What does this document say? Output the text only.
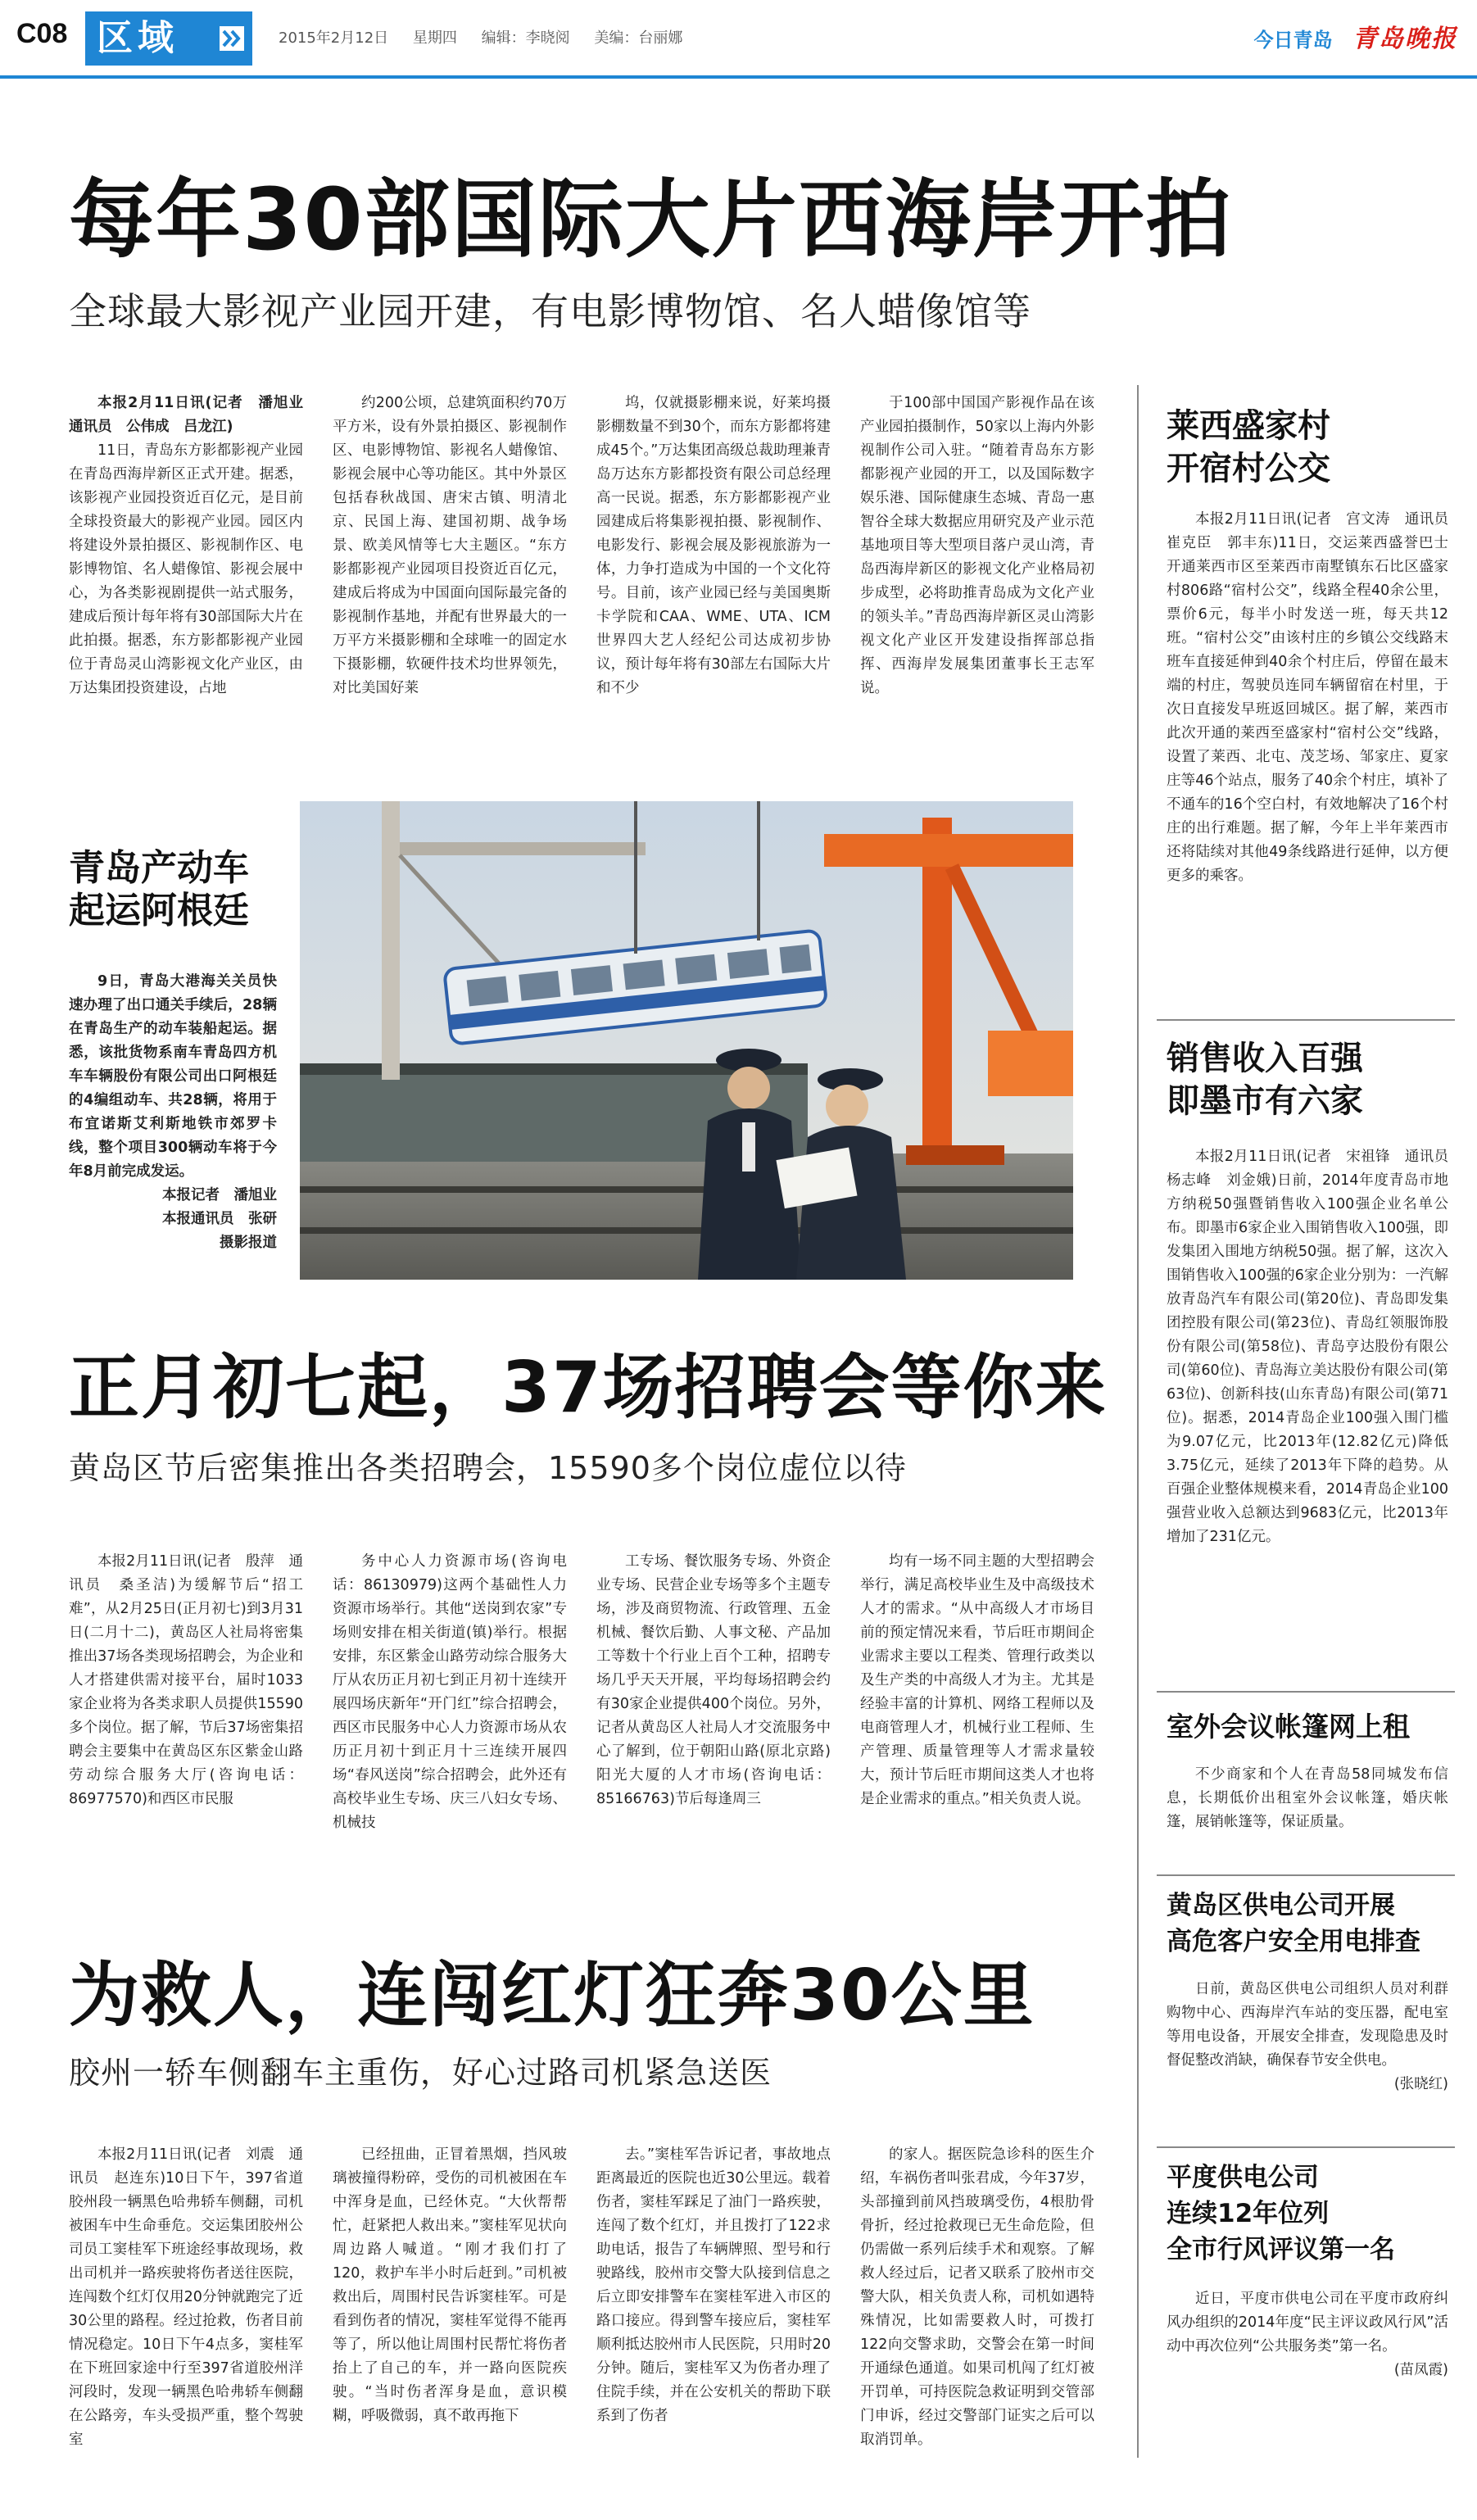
C08 区域	2015年2月12日 星期四 编辑：李晓阅 美编：台丽娜	今日青岛 青岛晚报
每年30部国际大片西海岸开拍
全球最大影视产业园开建，有电影博物馆、名人蜡像馆等

本报2月11日讯(记者　潘旭业　通讯员　公伟成　吕龙江)

11日，青岛东方影都影视产业园在青岛西海岸新区正式开建。据悉，该影视产业园投资近百亿元，是目前全球投资最大的影视产业园。园区内将建设外景拍摄区、影视制作区、电影博物馆、名人蜡像馆、影视会展中心，为各类影视剧提供一站式服务，建成后预计每年将有30部国际大片在此拍摄。据悉，东方影都影视产业园位于青岛灵山湾影视文化产业区，由万达集团投资建设，占地

约200公顷，总建筑面积约70万平方米，设有外景拍摄区、影视制作区、电影博物馆、影视名人蜡像馆、影视会展中心等功能区。其中外景区包括春秋战国、唐宋古镇、明清北京、民国上海、建国初期、战争场景、欧美风情等七大主题区。“东方影都影视产业园项目投资近百亿元，建成后将成为中国面向国际最完备的影视制作基地，并配有世界最大的一万平方米摄影棚和全球唯一的固定水下摄影棚，软硬件技术均世界领先，对比美国好莱

坞，仅就摄影棚来说，好莱坞摄影棚数量不到30个，而东方影都将建成45个。”万达集团高级总裁助理兼青岛万达东方影都投资有限公司总经理高一民说。据悉，东方影都影视产业园建成后将集影视拍摄、影视制作、电影发行、影视会展及影视旅游为一体，力争打造成为中国的一个文化符号。目前，该产业园已经与美国奥斯卡学院和CAA、WME、UTA、ICM世界四大艺人经纪公司达成初步协议，预计每年将有30部左右国际大片和不少

于100部中国国产影视作品在该产业园拍摄制作，50家以上海内外影视制作公司入驻。“随着青岛东方影都影视产业园的开工，以及国际数字娱乐港、国际健康生态城、青岛一惠智谷全球大数据应用研究及产业示范基地项目等大型项目落户灵山湾，青岛西海岸新区的影视文化产业格局初步成型，必将助推青岛成为文化产业的领头羊。”青岛西海岸新区灵山湾影视文化产业区开发建设指挥部总指挥、西海岸发展集团董事长王志军说。

青岛产动车起运阿根廷

9日，青岛大港海关关员快速办理了出口通关手续后，28辆在青岛生产的动车装船起运。据悉，该批货物系南车青岛四方机车车辆股份有限公司出口阿根廷的4编组动车、共28辆，将用于布宜诺斯艾利斯地铁市郊罗卡线，整个项目300辆动车将于今年8月前完成发运。

本报记者　潘旭业
本报通讯员　张研
摄影报道
莱西盛家村
开宿村公交

本报2月11日讯(记者　宫文涛　通讯员　崔克臣　郭丰东)11日，交运莱西盛誉巴士开通莱西市区至莱西市南墅镇东石比区盛家村806路“宿村公交”，线路全程40余公里，票价6元，每半小时发送一班，每天共12班。“宿村公交”由该村庄的乡镇公交线路末班车直接延伸到40余个村庄后，停留在最末端的村庄，驾驶员连同车辆留宿在村里，于次日直接发早班返回城区。据了解，莱西市此次开通的莱西至盛家村“宿村公交”线路，设置了莱西、北屯、茂芝场、邹家庄、夏家庄等46个站点，服务了40余个村庄，填补了不通车的16个空白村，有效地解决了16个村庄的出行难题。据了解，今年上半年莱西市还将陆续对其他49条线路进行延伸，以方便更多的乘客。

销售收入百强
即墨市有六家

本报2月11日讯(记者　宋祖锋　通讯员　杨志峰　刘金娥)日前，2014年度青岛市地方纳税50强暨销售收入100强企业名单公布。即墨市6家企业入围销售收入100强，即发集团入围地方纳税50强。据了解，这次入围销售收入100强的6家企业分别为：一汽解放青岛汽车有限公司(第20位)、青岛即发集团控股有限公司(第23位)、青岛红领服饰股份有限公司(第58位)、青岛亨达股份有限公司(第60位)、青岛海立美达股份有限公司(第63位)、创新科技(山东青岛)有限公司(第71位)。据悉，2014青岛企业100强入围门槛为9.07亿元，比2013年(12.82亿元)降低3.75亿元，延续了2013年下降的趋势。从百强企业整体规模来看，2014青岛企业100强营业收入总额达到9683亿元，比2013年增加了231亿元。

室外会议帐篷网上租

不少商家和个人在青岛58同城发布信息，长期低价出租室外会议帐篷，婚庆帐篷，展销帐篷等，保证质量。

黄岛区供电公司开展
高危客户安全用电排查

日前，黄岛区供电公司组织人员对利群购物中心、西海岸汽车站的变压器，配电室等用电设备，开展安全排查，发现隐患及时督促整改消缺，确保春节安全供电。

(张晓红)
平度供电公司
连续12年位列
全市行风评议第一名

近日，平度市供电公司在平度市政府纠风办组织的2014年度“民主评议政风行风”活动中再次位列“公共服务类”第一名。

(苗凤霞)
正月初七起，37场招聘会等你来
黄岛区节后密集推出各类招聘会，15590多个岗位虚位以待

本报2月11日讯(记者　殷萍　通讯员　桑圣洁)为缓解节后“招工难”，从2月25日(正月初七)到3月31日(二月十二)，黄岛区人社局将密集推出37场各类现场招聘会，为企业和人才搭建供需对接平台，届时1033家企业将为各类求职人员提供15590多个岗位。据了解，节后37场密集招聘会主要集中在黄岛区东区紫金山路劳动综合服务大厅(咨询电话：86977570)和西区市民服

务中心人力资源市场(咨询电话：86130979)这两个基础性人力资源市场举行。其他“送岗到农家”专场则安排在相关街道(镇)举行。根据安排，东区紫金山路劳动综合服务大厅从农历正月初七到正月初十连续开展四场庆新年“开门红”综合招聘会，西区市民服务中心人力资源市场从农历正月初十到正月十三连续开展四场“春风送岗”综合招聘会，此外还有高校毕业生专场、庆三八妇女专场、机械技

工专场、餐饮服务专场、外资企业专场、民营企业专场等多个主题专场，涉及商贸物流、行政管理、五金机械、餐饮后勤、人事文秘、产品加工等数十个行业上百个工种，招聘专场几乎天天开展，平均每场招聘会约有30家企业提供400个岗位。另外，记者从黄岛区人社局人才交流服务中心了解到，位于朝阳山路(原北京路)阳光大厦的人才市场(咨询电话：85166763)节后每逢周三

均有一场不同主题的大型招聘会举行，满足高校毕业生及中高级技术人才的需求。“从中高级人才市场目前的预定情况来看，节后旺市期间企业需求主要以工程类、管理行政类以及生产类的中高级人才为主。尤其是经验丰富的计算机、网络工程师以及电商管理人才，机械行业工程师、生产管理、质量管理等人才需求量较大，预计节后旺市期间这类人才也将是企业需求的重点。”相关负责人说。

为救人，连闯红灯狂奔30公里
胶州一轿车侧翻车主重伤，好心过路司机紧急送医

本报2月11日讯(记者　刘震　通讯员　赵连东)10日下午，397省道胶州段一辆黑色哈弗轿车侧翻，司机被困车中生命垂危。交运集团胶州公司员工窦桂军下班途经事故现场，救出司机并一路疾驶将伤者送往医院，连闯数个红灯仅用20分钟就跑完了近30公里的路程。经过抢救，伤者目前情况稳定。10日下午4点多，窦桂军在下班回家途中行至397省道胶州洋河段时，发现一辆黑色哈弗轿车侧翻在公路旁，车头受损严重，整个驾驶室

已经扭曲，正冒着黑烟，挡风玻璃被撞得粉碎，受伤的司机被困在车中浑身是血，已经休克。“大伙帮帮忙，赶紧把人救出来。”窦桂军见状向周边路人喊道。“刚才我们打了120，救护车半小时后赶到。”司机被救出后，周围村民告诉窦桂军。可是看到伤者的情况，窦桂军觉得不能再等了，所以他让周围村民帮忙将伤者抬上了自己的车，并一路向医院疾驶。“当时伤者浑身是血，意识模糊，呼吸微弱，真不敢再拖下

去。”窦桂军告诉记者，事故地点距离最近的医院也近30公里远。载着伤者，窦桂军踩足了油门一路疾驶，连闯了数个红灯，并且拨打了122求助电话，报告了车辆牌照、型号和行驶路线，胶州市交警大队接到信息之后立即安排警车在窦桂军进入市区的路口接应。得到警车接应后，窦桂军顺利抵达胶州市人民医院，只用时20分钟。随后，窦桂军又为伤者办理了住院手续，并在公安机关的帮助下联系到了伤者

的家人。据医院急诊科的医生介绍，车祸伤者叫张君成，今年37岁，头部撞到前风挡玻璃受伤，4根肋骨骨折，经过抢救现已无生命危险，但仍需做一系列后续手术和观察。了解救人经过后，记者又联系了胶州市交警大队，相关负责人称，司机如遇特殊情况，比如需要救人时，可拨打122向交警求助，交警会在第一时间开通绿色通道。如果司机闯了红灯被开罚单，可持医院急救证明到交管部门申诉，经过交警部门证实之后可以取消罚单。
